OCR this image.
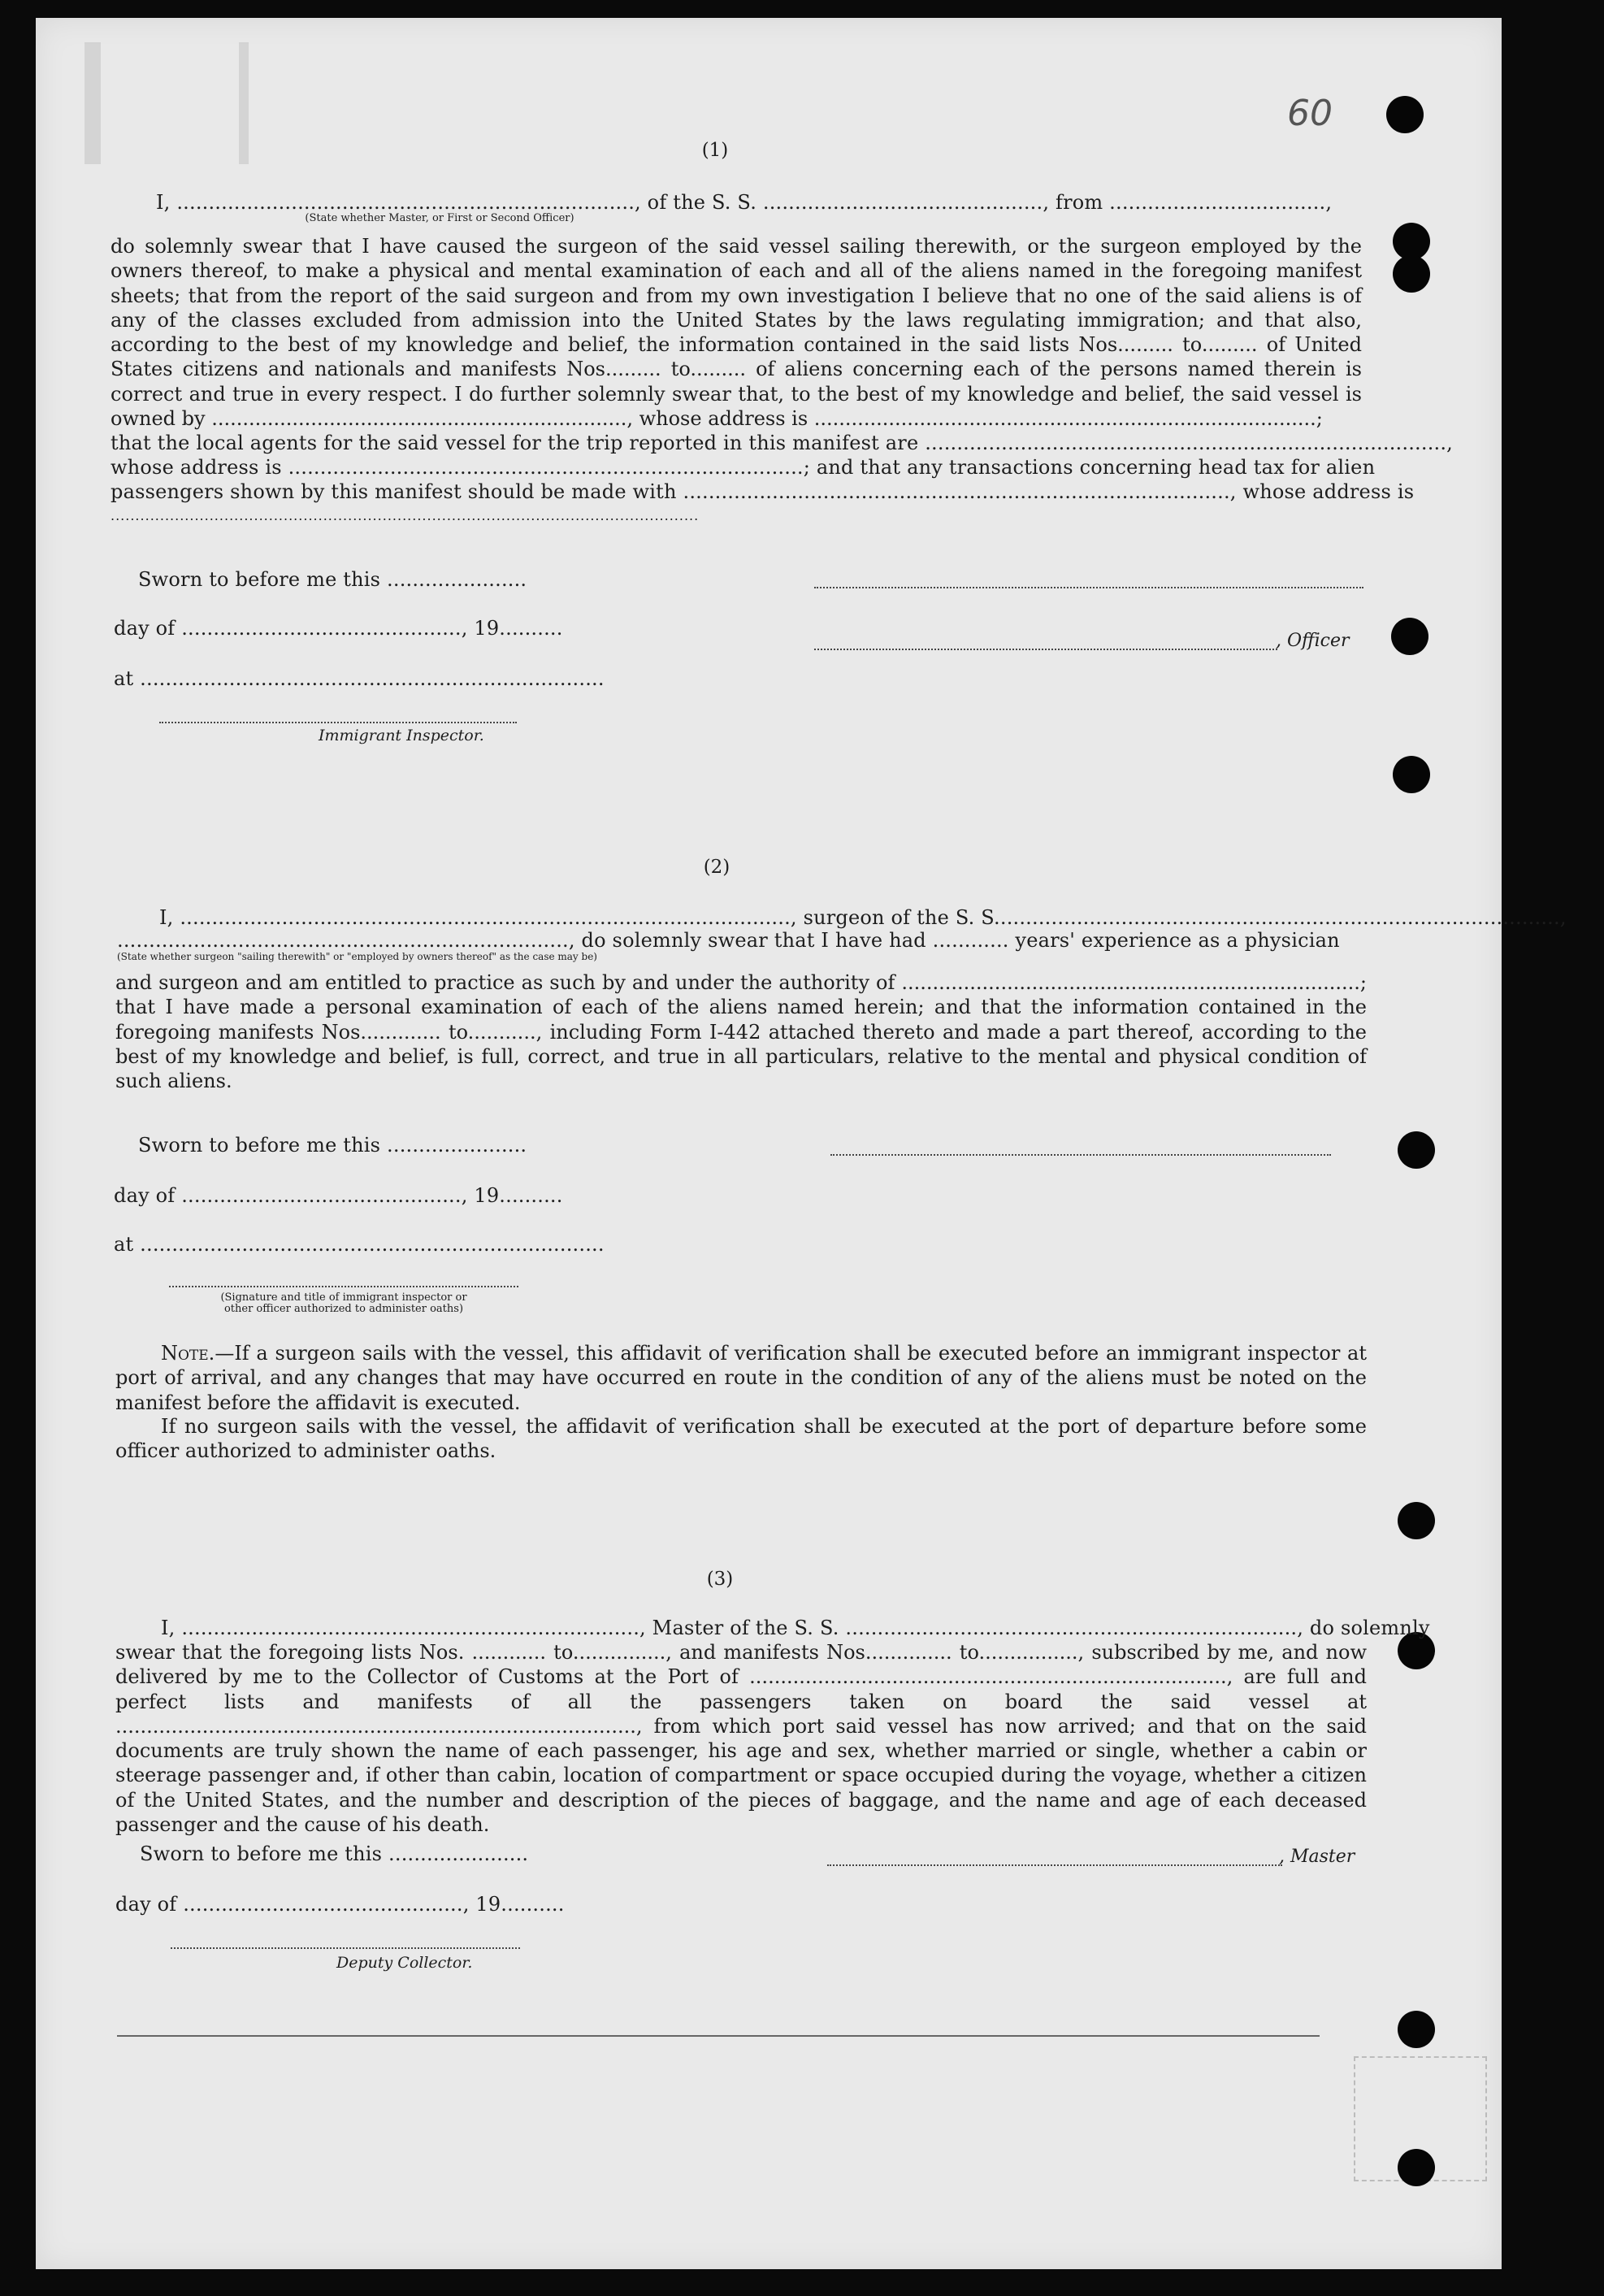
60
(1)
I, ........................................................................, of the S. S. ............................................, from ..................................,
(State whether Master, or First or Second Officer)
do solemnly swear that I have caused the surgeon of the said vessel sailing therewith, or the surgeon employed by the owners thereof, to make a physical and mental examination of each and all of the aliens named in the foregoing manifest sheets; that from the report of the said surgeon and from my own investigation I believe that no one of the said aliens is of any of the classes excluded from admission into the United States by the laws regulating immigration; and that also, according to the best of my knowledge and belief, the information contained in the said lists Nos......... to......... of United States citizens and nationals and manifests Nos......... to......... of aliens concerning each of the persons named therein is correct and true in every respect. I do further solemnly swear that, to the best of my knowledge and belief, the said vessel is owned by ..................................................................., whose address is .................................................................................;
that the local agents for the said vessel for the trip reported in this manifest are ..................................................................................,
whose address is .................................................................................; and that any transactions concerning head tax for alien
passengers shown by this manifest should be made with ......................................................................................, whose address is
.......................................................................................................................
Sworn to before me this ......................
day of ............................................, 19..........
, Officer
at .........................................................................
Immigrant Inspector.
(2)
I, ................................................................................................, surgeon of the S. S.........................................................................................,
......................................................................., do solemnly swear that I have had ............ years' experience as a physician
(State whether surgeon "sailing therewith" or "employed by owners thereof" as the case may be)
and surgeon and am entitled to practice as such by and under the authority of ..........................................................................; that I have made a personal examination of each of the aliens named herein; and that the information contained in the foregoing manifests Nos............. to..........., including Form I-442 attached thereto and made a part thereof, according to the best of my knowledge and belief, is full, correct, and true in all particulars, relative to the mental and physical condition of such aliens.
Sworn to before me this ......................
day of ............................................, 19..........
at .........................................................................
(Signature and title of immigrant inspector or
other officer authorized to administer oaths)
Note.—If a surgeon sails with the vessel, this affidavit of verification shall be executed before an immigrant inspector at port of arrival, and any changes that may have occurred en route in the condition of any of the aliens must be noted on the manifest before the affidavit is executed.
If no surgeon sails with the vessel, the affidavit of verification shall be executed at the port of departure before some officer authorized to administer oaths.
(3)
I, ........................................................................, Master of the S. S. ......................................................................., do solemnly
swear that the foregoing lists Nos. ............ to..............., and manifests Nos.............. to................, subscribed by me, and now delivered by me to the Collector of Customs at the Port of ............................................................................., are full and perfect lists and manifests of all the passengers taken on board the said vessel at ...................................................................................., from which port said vessel has now arrived; and that on the said documents are truly shown the name of each passenger, his age and sex, whether married or single, whether a cabin or steerage passenger and, if other than cabin, location of compartment or space occupied during the voyage, whether a citizen of the United States, and the number and description of the pieces of baggage, and the name and age of each deceased passenger and the cause of his death.
Sworn to before me this ......................	, Master
day of ............................................, 19..........
Deputy Collector.
